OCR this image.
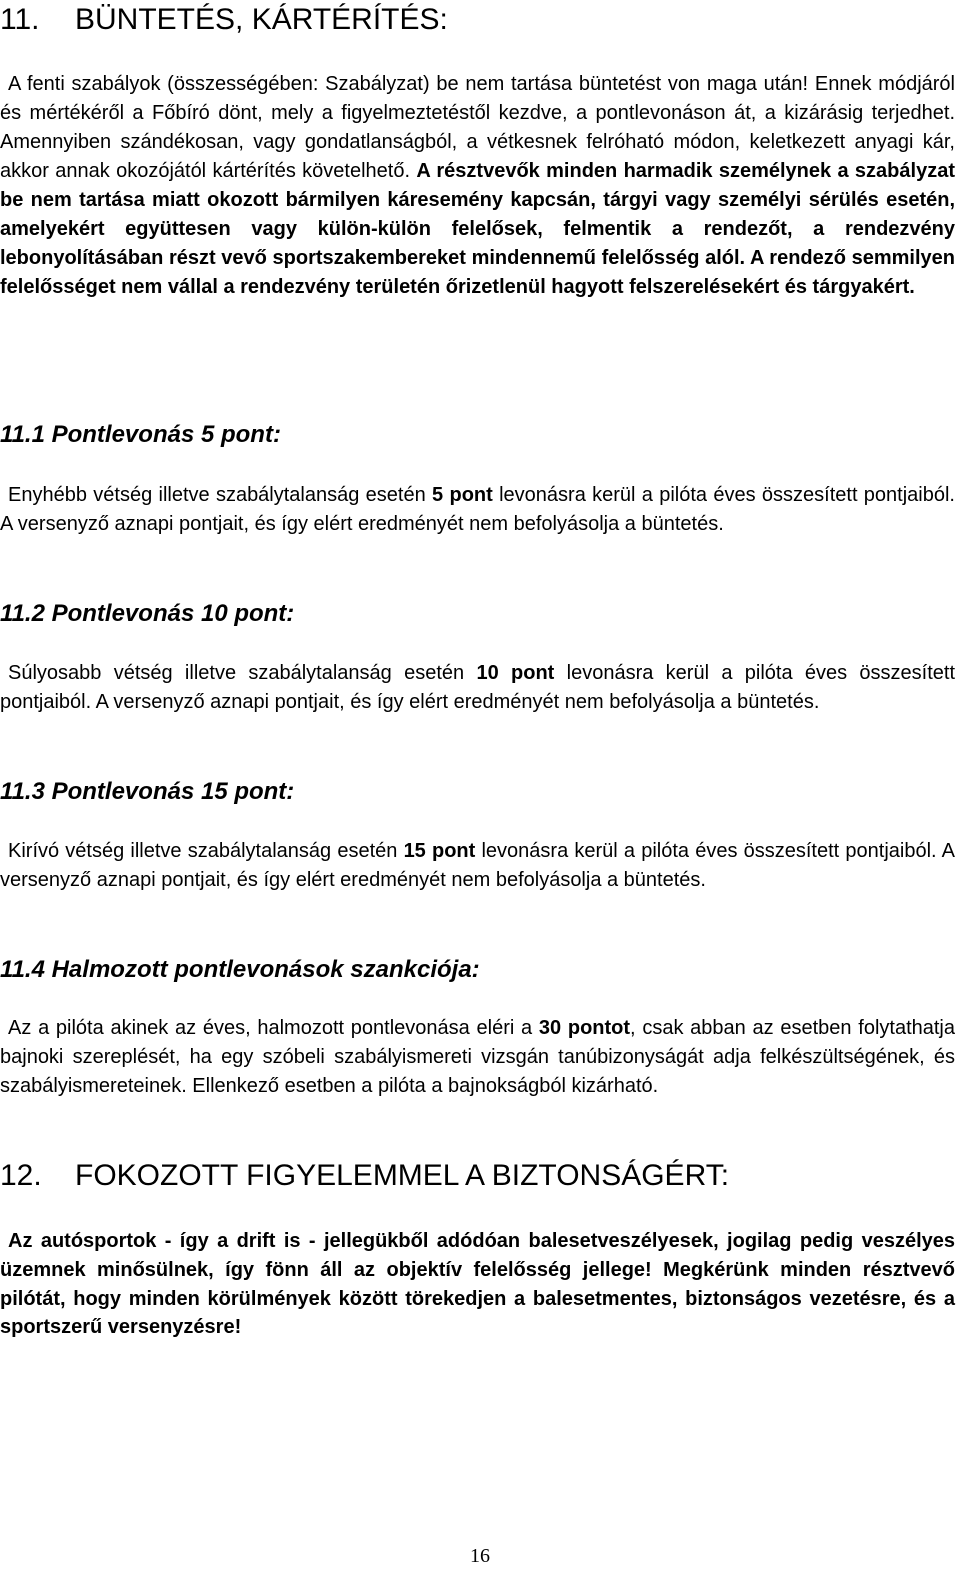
11. BÜNTETÉS, KÁRTÉRÍTÉS:

A fenti szabályok (összességében: Szabályzat) be nem tartása büntetést von maga után! Ennek módjáról és mértékéről a Főbíró dönt, mely a figyelmeztetéstől kezdve, a pontlevonáson át, a kizárásig terjedhet. Amennyiben szándékosan, vagy gondatlanságból, a vétkesnek felróható módon, keletkezett anyagi kár, akkor annak okozójától kártérítés követelhető. A résztvevők minden harmadik személynek a szabályzat be nem tartása miatt okozott bármilyen káresemény kapcsán, tárgyi vagy személyi sérülés esetén, amelyekért együttesen vagy külön-külön felelősek, felmentik a rendezőt, a rendezvény lebonyolításában részt vevő sportszakembereket mindennemű felelősség alól. A rendező semmilyen felelősséget nem vállal a rendezvény területén őrizetlenül hagyott felszerelésekért és tárgyakért.

11.1 Pontlevonás 5 pont:

Enyhébb vétség illetve szabálytalanság esetén 5 pont levonásra kerül a pilóta éves összesített pontjaiból. A versenyző aznapi pontjait, és így elért eredményét nem befolyásolja a büntetés.

11.2 Pontlevonás 10 pont:

Súlyosabb vétség illetve szabálytalanság esetén 10 pont levonásra kerül a pilóta éves összesített pontjaiból. A versenyző aznapi pontjait, és így elért eredményét nem befolyásolja a büntetés.

11.3 Pontlevonás 15 pont:

Kirívó vétség illetve szabálytalanság esetén 15 pont levonásra kerül a pilóta éves összesített pontjaiból. A versenyző aznapi pontjait, és így elért eredményét nem befolyásolja a büntetés.

11.4 Halmozott pontlevonások szankciója:

Az a pilóta akinek az éves, halmozott pontlevonása eléri a 30 pontot, csak abban az esetben folytathatja bajnoki szereplését, ha egy szóbeli szabályismereti vizsgán tanúbizonyságát adja felkészültségének, és szabályismereteinek. Ellenkező esetben a pilóta a bajnokságból kizárható.

12. FOKOZOTT FIGYELEMMEL A BIZTONSÁGÉRT:

Az autósportok - így a drift is - jellegükből adódóan balesetveszélyesek, jogilag pedig veszélyes üzemnek minősülnek, így fönn áll az objektív felelősség jellege! Megkérünk minden résztvevő pilótát, hogy minden körülmények között törekedjen a balesetmentes, biztonságos vezetésre, és a sportszerű versenyzésre!

16
